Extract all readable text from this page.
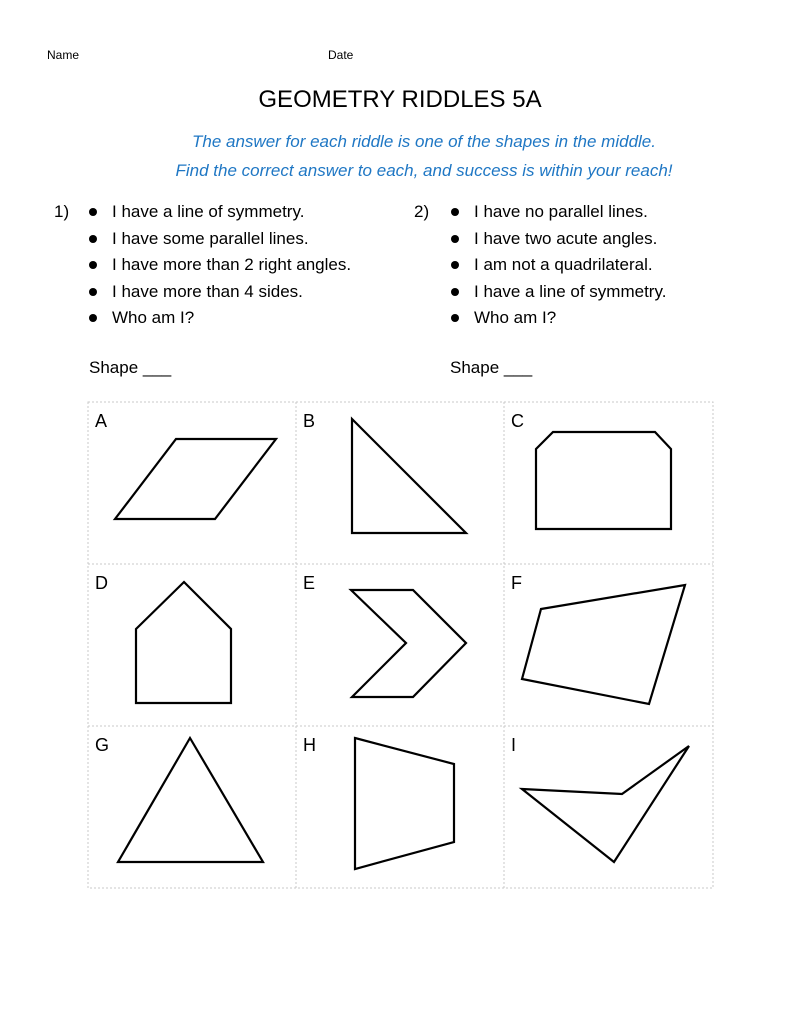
Name	Date
GEOMETRY RIDDLES 5A
The answer for each riddle is one of the shapes in the middle.
Find the correct answer to each, and success is within your reach!
1)	I have a line of symmetry.
I have some parallel lines.
I have more than 2 right angles.
I have more than 4 sides.
Who am I?
Shape ___
2)	I have no parallel lines.
I have two acute angles.
I am not a quadrilateral.
I have a line of symmetry.
Who am I?
Shape ___
A	B	C
D	E	F
G	H	I
